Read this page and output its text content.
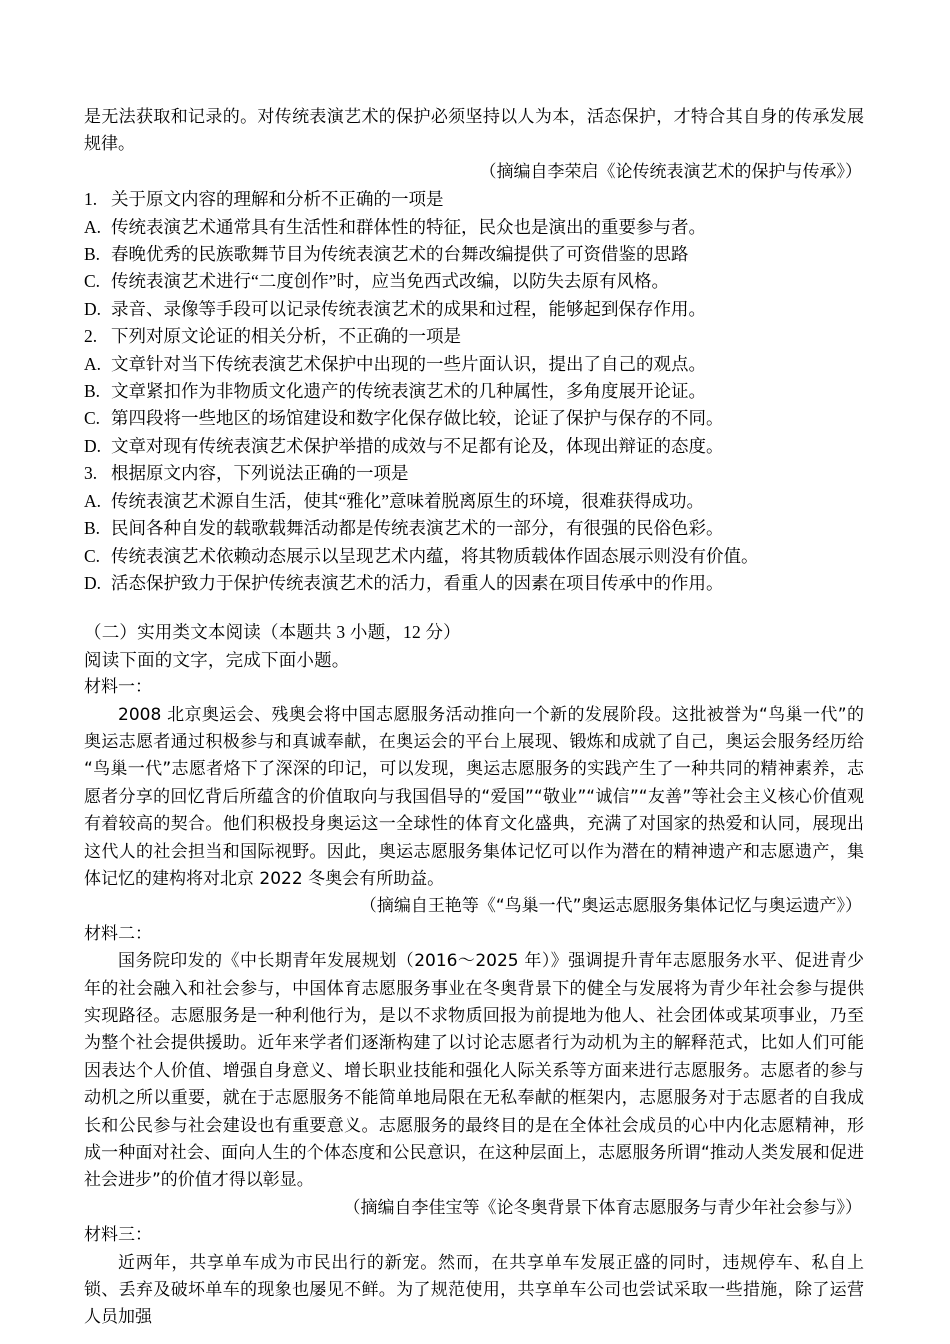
是无法获取和记录的。对传统表演艺术的保护必须坚持以人为本，活态保护，才特合其自身的传承发展规律。

（摘编自李荣启《论传统表演艺术的保护与传承》）

1. 关于原文内容的理解和分析不正确的一项是
A. 传统表演艺术通常具有生活性和群体性的特征，民众也是演出的重要参与者。
B. 春晚优秀的民族歌舞节目为传统表演艺术的台舞改编提供了可资借鉴的思路
C. 传统表演艺术进行“二度创作”时，应当免西式改编，以防失去原有风格。
D. 录音、录像等手段可以记录传统表演艺术的成果和过程，能够起到保存作用。
2. 下列对原文论证的相关分析，不正确的一项是
A. 文章针对当下传统表演艺术保护中出现的一些片面认识，提出了自己的观点。
B. 文章紧扣作为非物质文化遗产的传统表演艺术的几种属性，多角度展开论证。
C. 第四段将一些地区的场馆建设和数字化保存做比较，论证了保护与保存的不同。
D. 文章对现有传统表演艺术保护举措的成效与不足都有论及，体现出辩证的态度。
3. 根据原文内容，下列说法正确的一项是
A. 传统表演艺术源自生活，使其“雅化”意味着脱离原生的环境，很难获得成功。
B. 民间各种自发的载歌载舞活动都是传统表演艺术的一部分，有很强的民俗色彩。
C. 传统表演艺术依赖动态展示以呈现艺术内蕴，将其物质载体作固态展示则没有价值。
D. 活态保护致力于保护传统表演艺术的活力，看重人的因素在项目传承中的作用。

（二）实用类文本阅读（本题共 3 小题，12 分）

阅读下面的文字，完成下面小题。

材料一：

2008 北京奥运会、残奥会将中国志愿服务活动推向一个新的发展阶段。这批被誉为“鸟巢一代”的奥运志愿者通过积极参与和真诚奉献，在奥运会的平台上展现、锻炼和成就了自己，奥运会服务经历给“鸟巢一代”志愿者烙下了深深的印记，可以发现，奥运志愿服务的实践产生了一种共同的精神素养，志愿者分享的回忆背后所蕴含的价值取向与我国倡导的“爱国”“敬业”“诚信”“友善”等社会主义核心价值观有着较高的契合。他们积极投身奥运这一全球性的体育文化盛典，充满了对国家的热爱和认同，展现出这代人的社会担当和国际视野。因此，奥运志愿服务集体记忆可以作为潜在的精神遗产和志愿遗产，集体记忆的建构将对北京 2022 冬奥会有所助益。

（摘编自王艳等《“鸟巢一代”奥运志愿服务集体记忆与奥运遗产》）

材料二：

国务院印发的《中长期青年发展规划（2016～2025 年）》强调提升青年志愿服务水平、促进青少年的社会融入和社会参与，中国体育志愿服务事业在冬奥背景下的健全与发展将为青少年社会参与提供实现路径。志愿服务是一种利他行为，是以不求物质回报为前提地为他人、社会团体或某项事业，乃至为整个社会提供援助。近年来学者们逐渐构建了以讨论志愿者行为动机为主的解释范式，比如人们可能因表达个人价值、增强自身意义、增长职业技能和强化人际关系等方面来进行志愿服务。志愿者的参与动机之所以重要，就在于志愿服务不能简单地局限在无私奉献的框架内，志愿服务对于志愿者的自我成长和公民参与社会建设也有重要意义。志愿服务的最终目的是在全体社会成员的心中内化志愿精神，形成一种面对社会、面向人生的个体态度和公民意识，在这种层面上，志愿服务所谓“推动人类发展和促进社会进步”的价值才得以彰显。

（摘编自李佳宝等《论冬奥背景下体育志愿服务与青少年社会参与》）

材料三：

近两年，共享单车成为市民出行的新宠。然而，在共享单车发展正盛的同时，违规停车、私自上锁、丢弃及破坏单车的现象也屡见不鲜。为了规范使用，共享单车公司也尝试采取一些措施，除了运营人员加强
